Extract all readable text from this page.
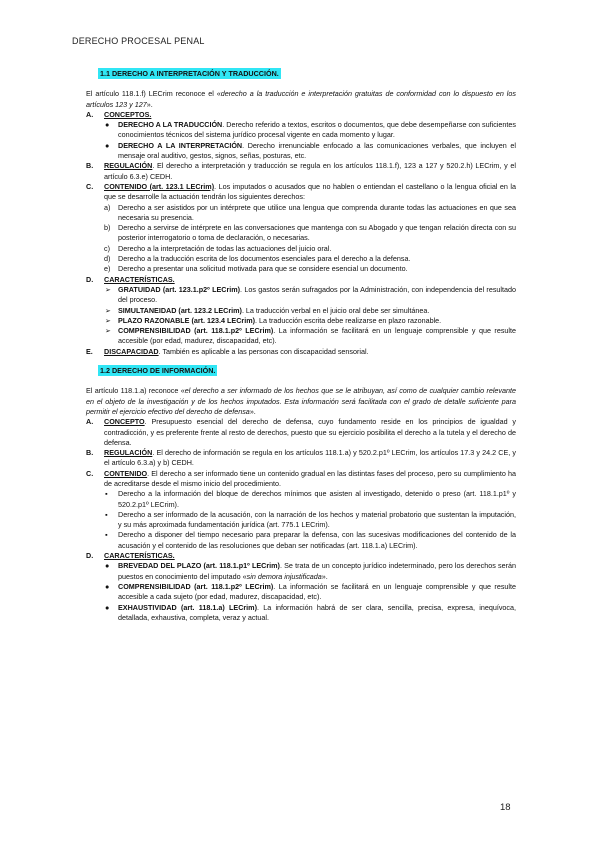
DERECHO PROCESAL PENAL
1.1 DERECHO A INTERPRETACIÓN Y TRADUCCIÓN.

El artículo 118.1.f) LECrim reconoce el «derecho a la traducción e interpretación gratuitas de conformidad con lo dispuesto en los artículos 123 y 127».

A. CONCEPTOS.
● DERECHO A LA TRADUCCIÓN. Derecho referido a textos, escritos o documentos, que debe desempeñarse con suficientes conocimientos técnicos del sistema jurídico procesal vigente en cada momento y lugar.
● DERECHO A LA INTERPRETACIÓN. Derecho irrenunciable enfocado a las comunicaciones verbales, que incluyen el mensaje oral auditivo, gestos, signos, señas, posturas, etc.
B. REGULACIÓN. El derecho a interpretación y traducción se regula en los artículos 118.1.f), 123 a 127 y 520.2.h) LECrim, y el artículo 6.3.e) CEDH.
C. CONTENIDO (art. 123.1 LECrim). Los imputados o acusados que no hablen o entiendan el castellano o la lengua oficial en la que se desarrolle la actuación tendrán los siguientes derechos:
a) Derecho a ser asistidos por un intérprete que utilice una lengua que comprenda durante todas las actuaciones en que sea necesaria su presencia.
b) Derecho a servirse de intérprete en las conversaciones que mantenga con su Abogado y que tengan relación directa con su posterior interrogatorio o toma de declaración, o necesarias.
c) Derecho a la interpretación de todas las actuaciones del juicio oral.
d) Derecho a la traducción escrita de los documentos esenciales para el derecho a la defensa.
e) Derecho a presentar una solicitud motivada para que se considere esencial un documento.
D. CARACTERÍSTICAS.
➢ GRATUIDAD (art. 123.1.p2º LECrim). Los gastos serán sufragados por la Administración, con independencia del resultado del proceso.
➢ SIMULTANEIDAD (art. 123.2 LECrim). La traducción verbal en el juicio oral debe ser simultánea.
➢ PLAZO RAZONABLE (art. 123.4 LECrim). La traducción escrita debe realizarse en plazo razonable.
➢ COMPRENSIBILIDAD (art. 118.1.p2º LECrim). La información se facilitará en un lenguaje comprensible y que resulte accesible (por edad, madurez, discapacidad, etc).
E. DISCAPACIDAD. También es aplicable a las personas con discapacidad sensorial.
1.2 DERECHO DE INFORMACIÓN.

El artículo 118.1.a) reconoce «el derecho a ser informado de los hechos que se le atribuyan, así como de cualquier cambio relevante en el objeto de la investigación y de los hechos imputados. Esta información será facilitada con el grado de detalle suficiente para permitir el ejercicio efectivo del derecho de defensa».

A. CONCEPTO. Presupuesto esencial del derecho de defensa, cuyo fundamento reside en los principios de igualdad y contradicción, y es preferente frente al resto de derechos, puesto que su ejercicio posibilita el derecho a la tutela y el derecho de defensa.
B. REGULACIÓN. El derecho de información se regula en los artículos 118.1.a) y 520.2.p1º LECrim, los artículos 17.3 y 24.2 CE, y el artículo 6.3.a) y b) CEDH.
C. CONTENIDO. El derecho a ser informado tiene un contenido gradual en las distintas fases del proceso, pero su cumplimiento ha de acreditarse desde el mismo inicio del procedimiento.
▪ Derecho a la información del bloque de derechos mínimos que asisten al investigado, detenido o preso (art. 118.1.p1º y 520.2.p1º LECrim).
▪ Derecho a ser informado de la acusación, con la narración de los hechos y material probatorio que sustentan la imputación, y su más aproximada fundamentación jurídica (art. 775.1 LECrim).
▪ Derecho a disponer del tiempo necesario para preparar la defensa, con las sucesivas modificaciones del contenido de la acusación y el contenido de las resoluciones que deban ser notificadas (art. 118.1.a) LECrim).
D. CARACTERÍSTICAS.
● BREVEDAD DEL PLAZO (art. 118.1.p1º LECrim). Se trata de un concepto jurídico indeterminado, pero los derechos serán puestos en conocimiento del imputado «sin demora injustificada».
● COMPRENSIBILIDAD (art. 118.1.p2º LECrim). La información se facilitará en un lenguaje comprensible y que resulte accesible a cada sujeto (por edad, madurez, discapacidad, etc).
● EXHAUSTIVIDAD (art. 118.1.a) LECrim). La información habrá de ser clara, sencilla, precisa, expresa, inequívoca, detallada, exhaustiva, completa, veraz y actual.
18
